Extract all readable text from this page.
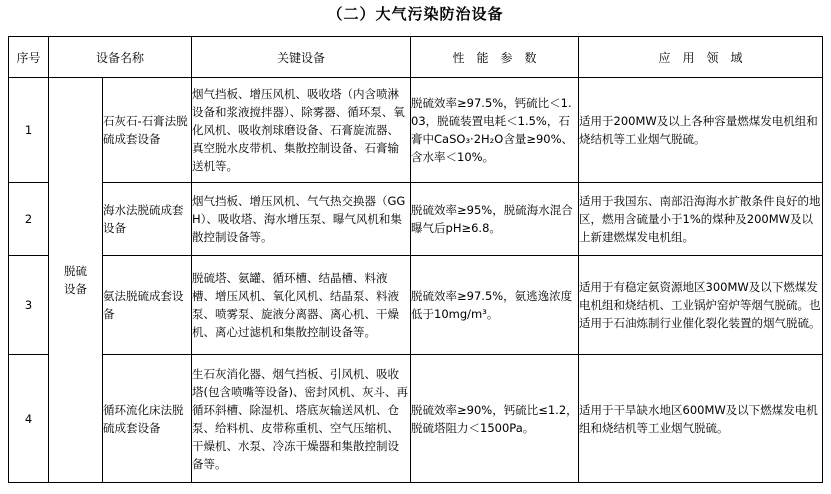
（二）大气污染防治设备
序号	设备名称		关键设备	性　能　参　数	应　用　领　域
1	脱硫设备	石灰石-石膏法脱硫成套设备	烟气挡板、增压风机、吸收塔（内含喷淋设备和浆液搅拌器）、除雾器、循环泵、氧化风机、吸收剂球磨设备、石膏旋流器、真空脱水皮带机、集散控制设备、石膏输送机等。	脱硫效率≥97.5%，钙硫比＜1.03，脱硫装置电耗＜1.5%，石膏中CaSO₃·2H₂O含量≥90%、含水率＜10%。	适用于200MW及以上各种容量燃煤发电机组和烧结机等工业烟气脱硫。
2		海水法脱硫成套设备	烟气挡板、增压风机、气气热交换器（GGH）、吸收塔、海水增压泵、曝气风机和集散控制设备等。	脱硫效率≥95%，脱硫海水混合曝气后pH≥6.8。	适用于我国东、南部沿海海水扩散条件良好的地区，燃用含硫量小于1%的煤种及200MW及以上新建燃煤发电机组。
3		氨法脱硫成套设备	脱硫塔、氨罐、循环槽、结晶槽、料液槽、增压风机、氧化风机、结晶泵、料液泵、喷雾泵、旋液分离器、离心机、干燥机、离心过滤机和集散控制设备等。	脱硫效率≥97.5%，氨逃逸浓度低于10mg/m³。	适用于有稳定氨资源地区300MW及以下燃煤发电机组和烧结机、工业锅炉窑炉等烟气脱硫。也适用于石油炼制行业催化裂化装置的烟气脱硫。
4		循环流化床法脱硫成套设备	生石灰消化器、烟气挡板、引风机、吸收塔(包含喷嘴等设备)、密封风机、灰斗、再循环斜槽、除湿机、塔底灰输送风机、仓泵、给料机、皮带称重机、空气压缩机、干燥机、水泵、冷冻干燥器和集散控制设备等。	脱硫效率≥90%，钙硫比≤1.2，脱硫塔阻力＜1500Pa。	适用于干旱缺水地区600MW及以下燃煤发电机组和烧结机等工业烟气脱硫。
